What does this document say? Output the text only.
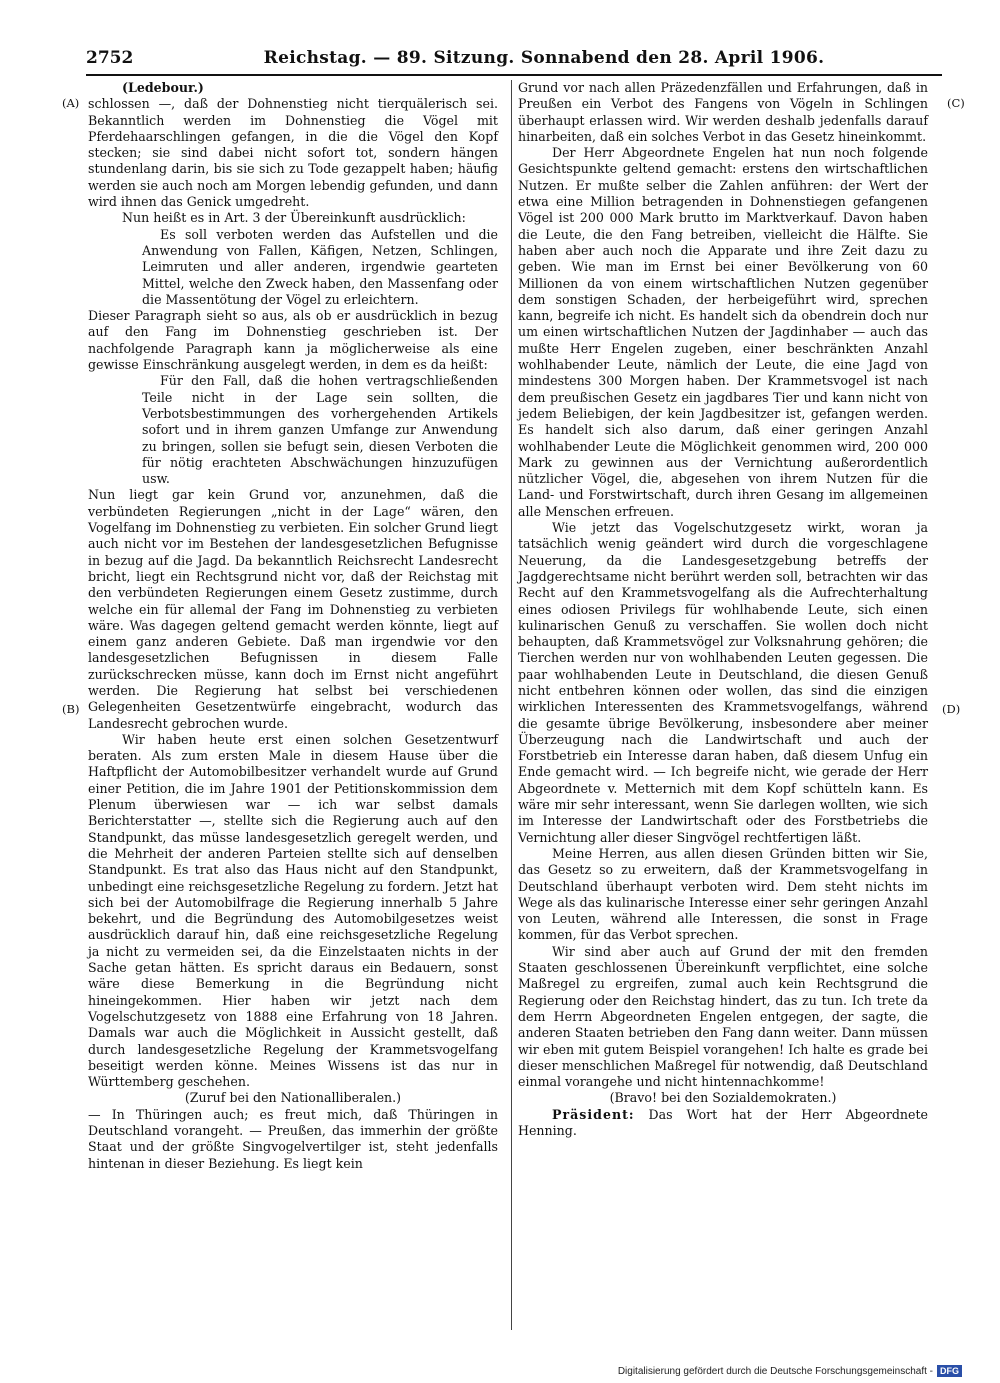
2752	Reichstag. — 89. Sitzung. Sonnabend den 28. April 1906.
(A)
(B)
(C)
(D)

(Ledebour.)

schlossen —, daß der Dohnenstieg nicht tierquälerisch sei. Bekanntlich werden im Dohnenstieg die Vögel mit Pferdehaarschlingen gefangen, in die die Vögel den Kopf stecken; sie sind dabei nicht sofort tot, sondern hängen stundenlang darin, bis sie sich zu Tode gezappelt haben; häufig werden sie auch noch am Morgen lebendig gefunden, und dann wird ihnen das Genick umgedreht.

Nun heißt es in Art. 3 der Übereinkunft ausdrücklich:

Es soll verboten werden das Aufstellen und die Anwendung von Fallen, Käfigen, Netzen, Schlingen, Leimruten und aller anderen, irgendwie gearteten Mittel, welche den Zweck haben, den Massenfang oder die Massentötung der Vögel zu erleichtern.

Dieser Paragraph sieht so aus, als ob er ausdrücklich in bezug auf den Fang im Dohnenstieg geschrieben ist. Der nachfolgende Paragraph kann ja möglicherweise als eine gewisse Einschränkung ausgelegt werden, in dem es da heißt:

Für den Fall, daß die hohen vertragschließenden Teile nicht in der Lage sein sollten, die Verbotsbestimmungen des vorhergehenden Artikels sofort und in ihrem ganzen Umfange zur Anwendung zu bringen, sollen sie befugt sein, diesen Verboten die für nötig erachteten Abschwächungen hinzuzufügen usw.

Nun liegt gar kein Grund vor, anzunehmen, daß die verbündeten Regierungen „nicht in der Lage“ wären, den Vogelfang im Dohnenstieg zu verbieten. Ein solcher Grund liegt auch nicht vor im Bestehen der landesgesetzlichen Befugnisse in bezug auf die Jagd. Da bekanntlich Reichsrecht Landesrecht bricht, liegt ein Rechtsgrund nicht vor, daß der Reichstag mit den verbündeten Regierungen einem Gesetz zustimme, durch welche ein für allemal der Fang im Dohnenstieg zu verbieten wäre. Was dagegen geltend gemacht werden könnte, liegt auf einem ganz anderen Gebiete. Daß man irgendwie vor den landesgesetzlichen Befugnissen in diesem Falle zurückschrecken müsse, kann doch im Ernst nicht angeführt werden. Die Regierung hat selbst bei verschiedenen Gelegenheiten Gesetzentwürfe eingebracht, wodurch das Landesrecht gebrochen wurde.

Wir haben heute erst einen solchen Gesetzentwurf beraten. Als zum ersten Male in diesem Hause über die Haftpflicht der Automobilbesitzer verhandelt wurde auf Grund einer Petition, die im Jahre 1901 der Petitionskommission dem Plenum überwiesen war — ich war selbst damals Berichterstatter —, stellte sich die Regierung auch auf den Standpunkt, das müsse landesgesetzlich geregelt werden, und die Mehrheit der anderen Parteien stellte sich auf denselben Standpunkt. Es trat also das Haus nicht auf den Standpunkt, unbedingt eine reichsgesetzliche Regelung zu fordern. Jetzt hat sich bei der Automobilfrage die Regierung innerhalb 5 Jahre bekehrt, und die Begründung des Automobilgesetzes weist ausdrücklich darauf hin, daß eine reichsgesetzliche Regelung ja nicht zu vermeiden sei, da die Einzelstaaten nichts in der Sache getan hätten. Es spricht daraus ein Bedauern, sonst wäre diese Bemerkung in die Begründung nicht hineingekommen. Hier haben wir jetzt nach dem Vogelschutzgesetz von 1888 eine Erfahrung von 18 Jahren. Damals war auch die Möglichkeit in Aussicht gestellt, daß durch landesgesetzliche Regelung der Krammetsvogelfang beseitigt werden könne. Meines Wissens ist das nur in Württemberg geschehen.

(Zuruf bei den Nationalliberalen.)

— In Thüringen auch; es freut mich, daß Thüringen in Deutschland vorangeht. — Preußen, das immerhin der größte Staat und der größte Singvogelvertilger ist, steht jedenfalls hintenan in dieser Beziehung. Es liegt kein

Grund vor nach allen Präzedenzfällen und Erfahrungen, daß in Preußen ein Verbot des Fangens von Vögeln in Schlingen überhaupt erlassen wird. Wir werden deshalb jedenfalls darauf hinarbeiten, daß ein solches Verbot in das Gesetz hineinkommt.

Der Herr Abgeordnete Engelen hat nun noch folgende Gesichtspunkte geltend gemacht: erstens den wirtschaftlichen Nutzen. Er mußte selber die Zahlen anführen: der Wert der etwa eine Million betragenden in Dohnenstiegen gefangenen Vögel ist 200 000 Mark brutto im Marktverkauf. Davon haben die Leute, die den Fang betreiben, vielleicht die Hälfte. Sie haben aber auch noch die Apparate und ihre Zeit dazu zu geben. Wie man im Ernst bei einer Bevölkerung von 60 Millionen da von einem wirtschaftlichen Nutzen gegenüber dem sonstigen Schaden, der herbeigeführt wird, sprechen kann, begreife ich nicht. Es handelt sich da obendrein doch nur um einen wirtschaftlichen Nutzen der Jagdinhaber — auch das mußte Herr Engelen zugeben, einer beschränkten Anzahl wohlhabender Leute, nämlich der Leute, die eine Jagd von mindestens 300 Morgen haben. Der Krammetsvogel ist nach dem preußischen Gesetz ein jagdbares Tier und kann nicht von jedem Beliebigen, der kein Jagdbesitzer ist, gefangen werden. Es handelt sich also darum, daß einer geringen Anzahl wohlhabender Leute die Möglichkeit genommen wird, 200 000 Mark zu gewinnen aus der Vernichtung außerordentlich nützlicher Vögel, die, abgesehen von ihrem Nutzen für die Land- und Forstwirtschaft, durch ihren Gesang im allgemeinen alle Menschen erfreuen.

Wie jetzt das Vogelschutzgesetz wirkt, woran ja tatsächlich wenig geändert wird durch die vorgeschlagene Neuerung, da die Landesgesetzgebung betreffs der Jagdgerechtsame nicht berührt werden soll, betrachten wir das Recht auf den Krammetsvogelfang als die Aufrechterhaltung eines odiosen Privilegs für wohlhabende Leute, sich einen kulinarischen Genuß zu verschaffen. Sie wollen doch nicht behaupten, daß Krammetsvögel zur Volksnahrung gehören; die Tierchen werden nur von wohlhabenden Leuten gegessen. Die paar wohlhabenden Leute in Deutschland, die diesen Genuß nicht entbehren können oder wollen, das sind die einzigen wirklichen Interessenten des Krammetsvogelfangs, während die gesamte übrige Bevölkerung, insbesondere aber meiner Überzeugung nach die Landwirtschaft und auch der Forstbetrieb ein Interesse daran haben, daß diesem Unfug ein Ende gemacht wird. — Ich begreife nicht, wie gerade der Herr Abgeordnete v. Metternich mit dem Kopf schütteln kann. Es wäre mir sehr interessant, wenn Sie darlegen wollten, wie sich im Interesse der Landwirtschaft oder des Forstbetriebs die Vernichtung aller dieser Singvögel rechtfertigen läßt.

Meine Herren, aus allen diesen Gründen bitten wir Sie, das Gesetz so zu erweitern, daß der Krammetsvogelfang in Deutschland überhaupt verboten wird. Dem steht nichts im Wege als das kulinarische Interesse einer sehr geringen Anzahl von Leuten, während alle Interessen, die sonst in Frage kommen, für das Verbot sprechen.

Wir sind aber auch auf Grund der mit den fremden Staaten geschlossenen Übereinkunft verpflichtet, eine solche Maßregel zu ergreifen, zumal auch kein Rechtsgrund die Regierung oder den Reichstag hindert, das zu tun. Ich trete da dem Herrn Abgeordneten Engelen entgegen, der sagte, die anderen Staaten betrieben den Fang dann weiter. Dann müssen wir eben mit gutem Beispiel vorangehen! Ich halte es grade bei dieser menschlichen Maßregel für notwendig, daß Deutschland einmal vorangehe und nicht hintennachkomme!

(Bravo! bei den Sozialdemokraten.)

Präsident: Das Wort hat der Herr Abgeordnete Henning.

Digitalisierung gefördert durch die Deutsche Forschungsgemeinschaft - DFG
